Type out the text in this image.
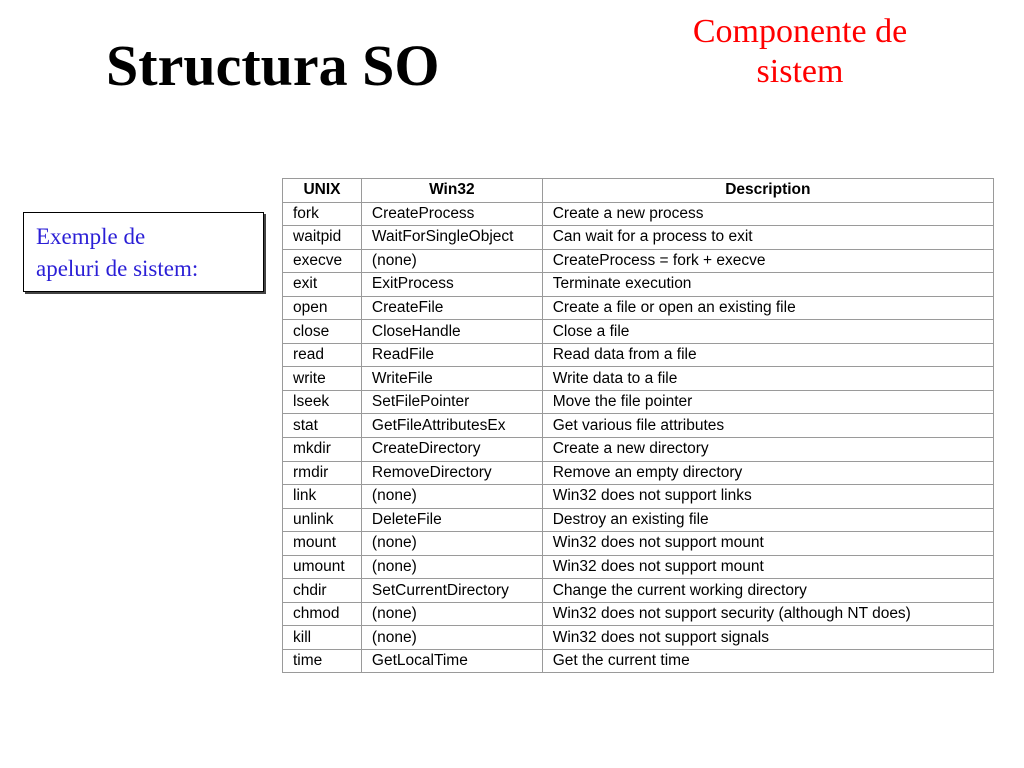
Structura SO
Componente de
sistem
Exemple de
apeluri de sistem:
UNIX	Win32	Description
fork	CreateProcess	Create a new process
waitpid	WaitForSingleObject	Can wait for a process to exit
execve	(none)	CreateProcess = fork + execve
exit	ExitProcess	Terminate execution
open	CreateFile	Create a file or open an existing file
close	CloseHandle	Close a file
read	ReadFile	Read data from a file
write	WriteFile	Write data to a file
lseek	SetFilePointer	Move the file pointer
stat	GetFileAttributesEx	Get various file attributes
mkdir	CreateDirectory	Create a new directory
rmdir	RemoveDirectory	Remove an empty directory
link	(none)	Win32 does not support links
unlink	DeleteFile	Destroy an existing file
mount	(none)	Win32 does not support mount
umount	(none)	Win32 does not support mount
chdir	SetCurrentDirectory	Change the current working directory
chmod	(none)	Win32 does not support security (although NT does)
kill	(none)	Win32 does not support signals
time	GetLocalTime	Get the current time
